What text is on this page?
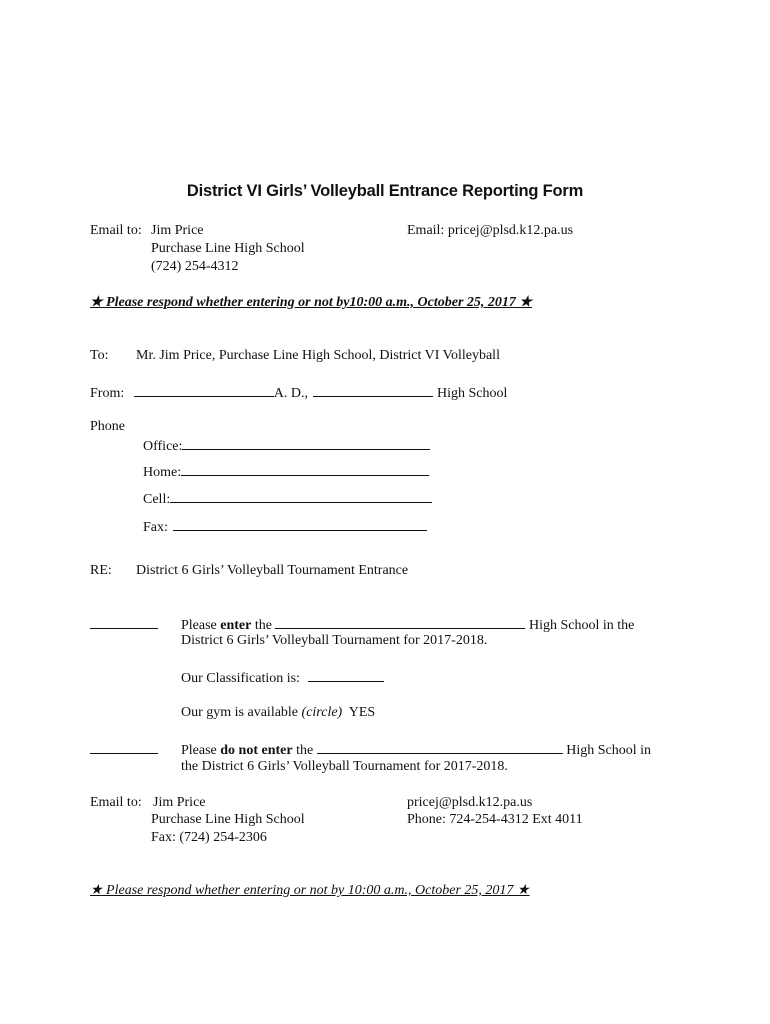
District VI Girls’ Volleyball Entrance Reporting Form
Email to: Jim Price
Purchase Line High School
(724) 254-4312
Email: pricej@plsd.k12.pa.us
★ Please respond whether entering or not by10:00 a.m., October 25, 2017 ★
To: Mr. Jim Price, Purchase Line High School, District VI Volleyball
From:	A. D.,	High School
Phone
Office:
Home:
Cell:
Fax:
RE: District 6 Girls’ Volleyball Tournament Entrance
Please enter the	High School in the
District 6 Girls’ Volleyball Tournament for 2017-2018.
Our Classification is:
Our gym is available (circle) YES
Please do not enter the	High School in
the District 6 Girls’ Volleyball Tournament for 2017-2018.
Email to: Jim Price
Purchase Line High School
Fax: (724) 254-2306
pricej@plsd.k12.pa.us
Phone: 724-254-4312 Ext 4011
★ Please respond whether entering or not by 10:00 a.m., October 25, 2017 ★
